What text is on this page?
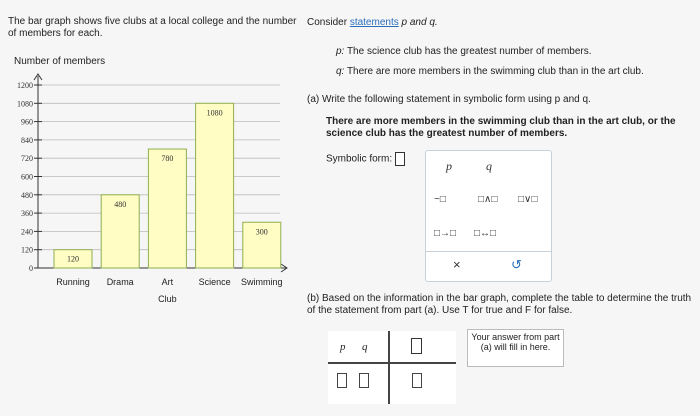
The bar graph shows five clubs at a local college and the number of members for each.
Number of members
0
120
240
360
480
600
720
840
960
1080
1200
120
Running
480
Drama
780
Art
1080
Science
300
Swimming
Club
Consider statements p and q.
p: The science club has the greatest number of members.
q: There are more members in the swimming club than in the art club.
(a) Write the following statement in symbolic form using p and q.
There are more members in the swimming club than in the art club, or the science club has the greatest number of members.
Symbolic form:	p	q
~□	□∧□ □∨□
□→□ □↔□
×	↺
(b) Based on the information in the bar graph, complete the table to determine the truth of the statement from part (a). Use T for true and F for false.
p q
Your answer from part (a) will fill in here.
